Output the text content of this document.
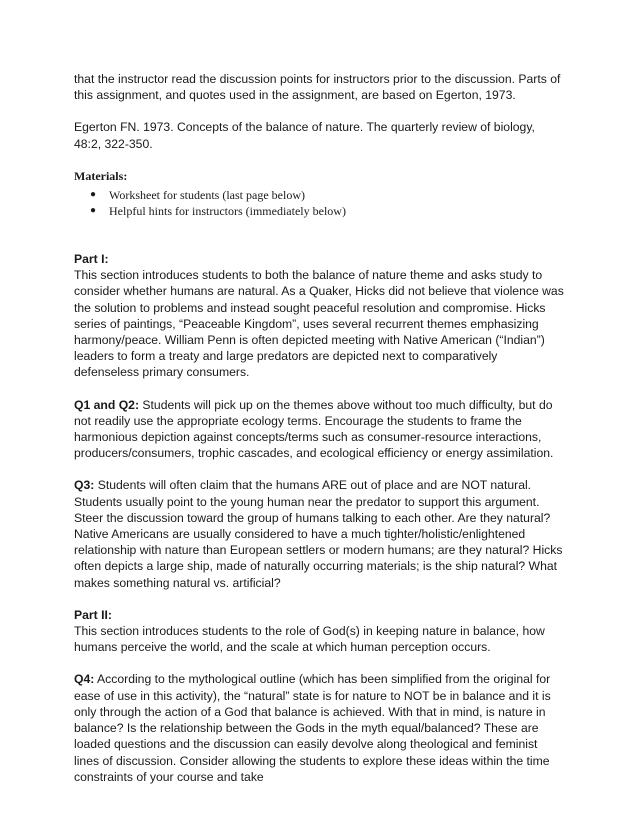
that the instructor read the discussion points for instructors prior to the discussion. Parts of this assignment, and quotes used in the assignment, are based on Egerton, 1973.

Egerton FN. 1973. Concepts of the balance of nature. The quarterly review of biology, 48:2, 322-350.

Materials:

● Worksheet for students (last page below)
● Helpful hints for instructors (immediately below)

Part I:

This section introduces students to both the balance of nature theme and asks study to consider whether humans are natural. As a Quaker, Hicks did not believe that violence was the solution to problems and instead sought peaceful resolution and compromise. Hicks series of paintings, “Peaceable Kingdom”, uses several recurrent themes emphasizing harmony/peace. William Penn is often depicted meeting with Native American (“Indian”) leaders to form a treaty and large predators are depicted next to comparatively defenseless primary consumers.

Q1 and Q2: Students will pick up on the themes above without too much difficulty, but do not readily use the appropriate ecology terms. Encourage the students to frame the harmonious depiction against concepts/terms such as consumer-resource interactions, producers/consumers, trophic cascades, and ecological efficiency or energy assimilation.

Q3: Students will often claim that the humans ARE out of place and are NOT natural. Students usually point to the young human near the predator to support this argument. Steer the discussion toward the group of humans talking to each other. Are they natural? Native Americans are usually considered to have a much tighter/holistic/enlightened relationship with nature than European settlers or modern humans; are they natural? Hicks often depicts a large ship, made of naturally occurring materials; is the ship natural? What makes something natural vs. artificial?

Part II:

This section introduces students to the role of God(s) in keeping nature in balance, how humans perceive the world, and the scale at which human perception occurs.

Q4: According to the mythological outline (which has been simplified from the original for ease of use in this activity), the “natural” state is for nature to NOT be in balance and it is only through the action of a God that balance is achieved. With that in mind, is nature in balance? Is the relationship between the Gods in the myth equal/balanced? These are loaded questions and the discussion can easily devolve along theological and feminist lines of discussion. Consider allowing the students to explore these ideas within the time constraints of your course and take
